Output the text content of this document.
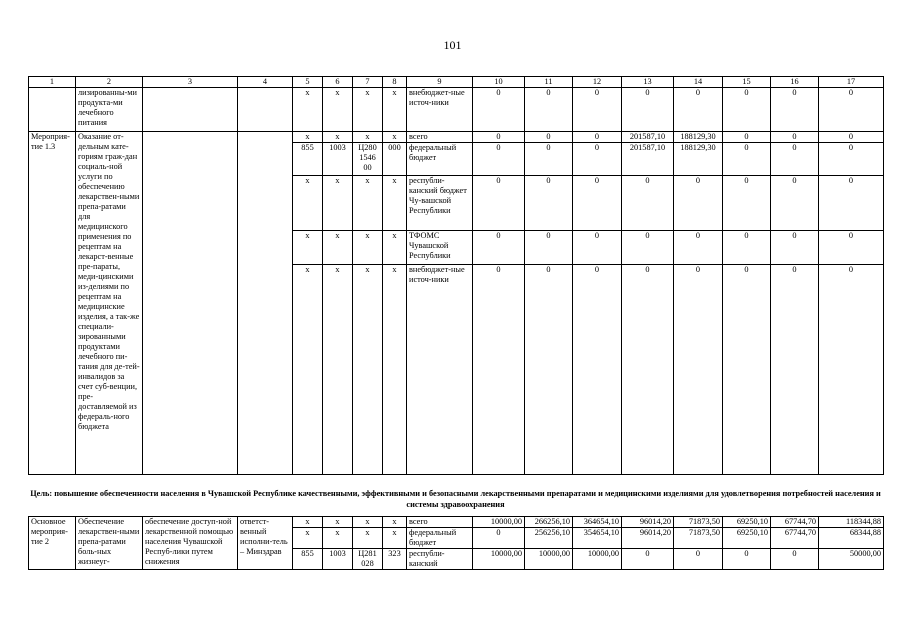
101
1	2	3	4	5	6	7	8	9	10	11	12	13	14	15	16	17
	лизированны-ми продукта-ми лечебного питания			x	x	x	x	внебюджет-ные источ-ники	0	0	0	0	0	0	0	0
Мероприя-тие 1.3	Оказание от-дельным кате-гориям граж-дан социаль-ной услуги по обеспечению лекарствен-ными препа-ратами для медицинского применения по рецептам на лекарст-венные пре-параты, меди-цинскими из-делиями по рецептам на медицинские изделия, а так-же специали-зированными продуктами лечебного пи-тания для де-тей-инвалидов за счет суб-венции, пре-доставляемой из федераль-ного бюджета			x	x	x	x	всего	0	0	0	201587,10	188129,30	0	0	0
				855	1003	Ц280 1546 00	000	федеральный бюджет	0	0	0	201587,10	188129,30	0	0	0
				x	x	x	x	республи-канский бюджет Чу-вашской Республики	0	0	0	0	0	0	0	0
				x	x	x	x	ТФОМС Чувашской Республики	0	0	0	0	0	0	0	0
				x	x	x	x	внебюджет-ные источ-ники	0	0	0	0	0	0	0	0
Цель: повышение обеспеченности населения в Чувашской Республике качественными, эффективными и безопасными лекарственными препаратами и медицинскими изделиями для удовлетворения потребностей населения и системы здравоохранения
Основное мероприя-тие 2	Обеспечение лекарствен-ными препа-ратами боль-ных жизнеуг-	обеспечение доступ-ной лекарственной помощью населения Чувашской Респуб-лики путем снижения	ответст-венный исполни-тель – Минздрав	x	x	x	x	всего	10000,00	266256,10	364654,10	96014,20	71873,50	69250,10	67744,70	118344,88
				x	x	x	x	федеральный бюджет	0	256256,10	354654,10	96014,20	71873,50	69250,10	67744,70	68344,88
				855	1003	Ц281 028	323	республи-канский	10000,00	10000,00	10000,00	0	0	0	0	50000,00
